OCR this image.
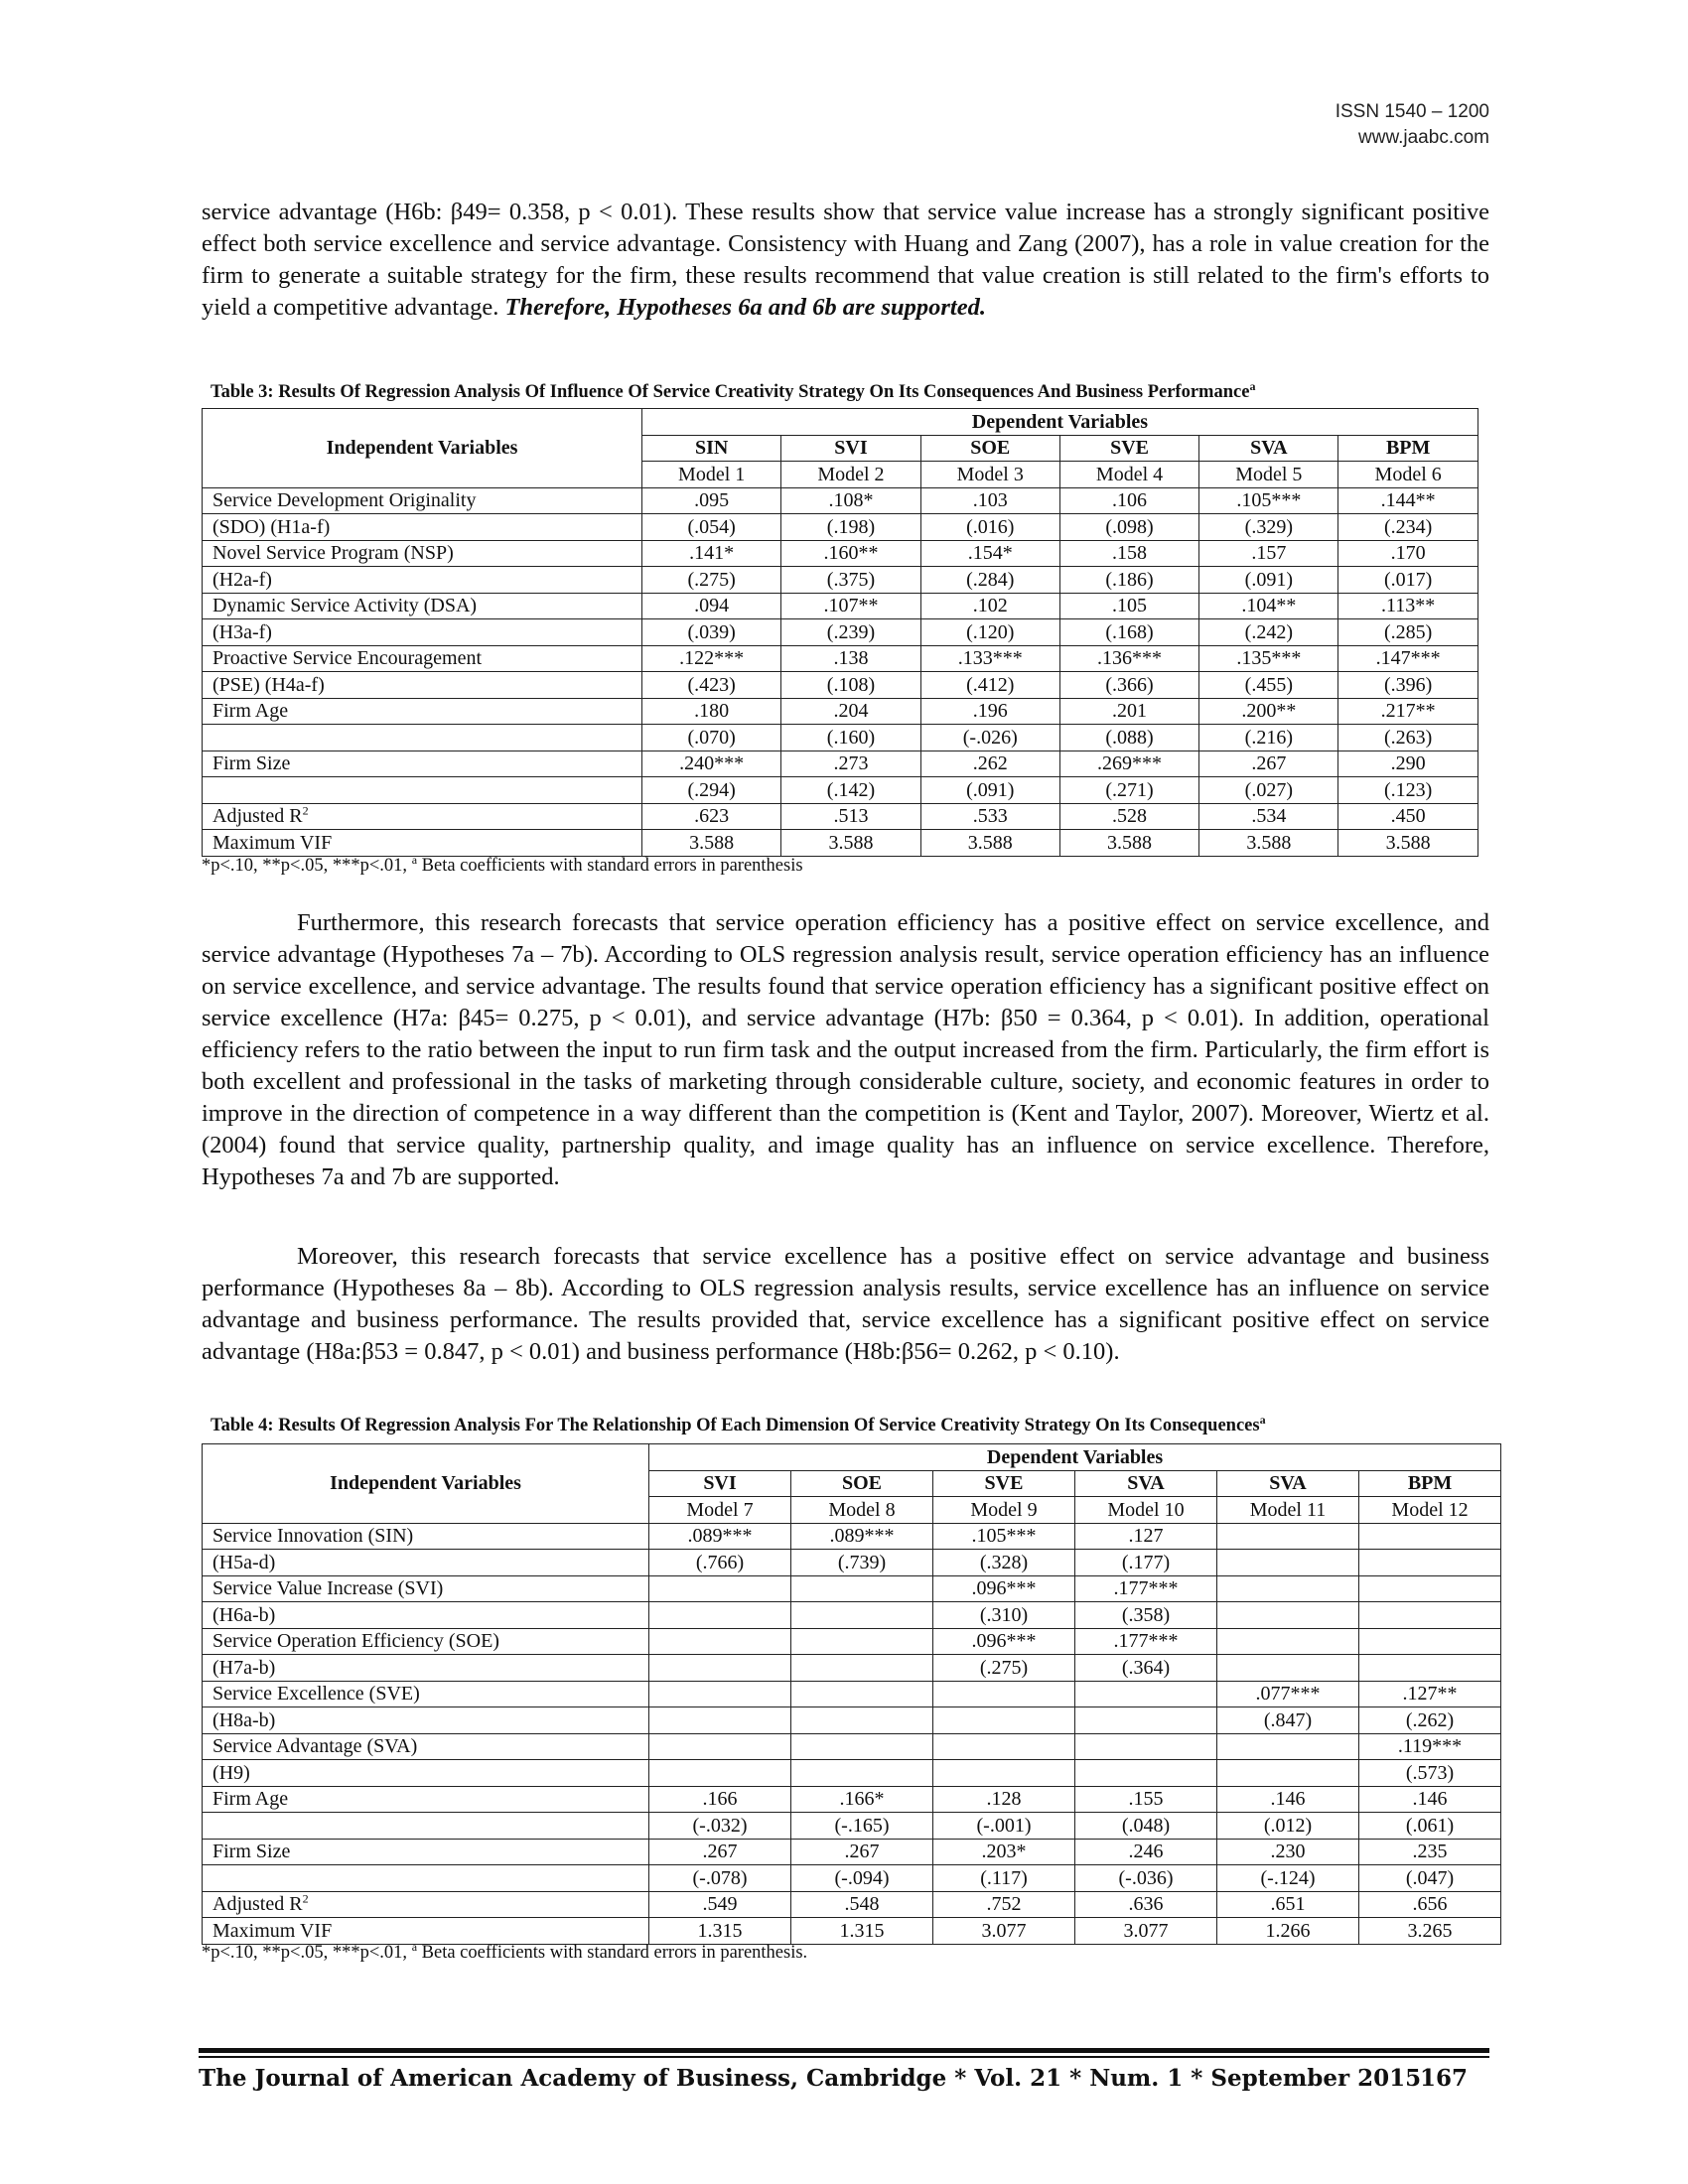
ISSN 1540 – 1200
www.jaabc.com

service advantage (H6b: β49= 0.358, p < 0.01). These results show that service value increase has a strongly significant positive effect both service excellence and service advantage. Consistency with Huang and Zang (2007), has a role in value creation for the firm to generate a suitable strategy for the firm, these results recommend that value creation is still related to the firm's efforts to yield a competitive advantage. Therefore, Hypotheses 6a and 6b are supported.

Table 3: Results Of Regression Analysis Of Influence Of Service Creativity Strategy On Its Consequences And Business Performance$^a$

Independent Variables	Dependent Variables					
	SIN	SVI	SOE	SVE	SVA	BPM
	Model 1	Model 2	Model 3	Model 4	Model 5	Model 6
Service Development Originality	.095	.108*	.103	.106	.105***	.144**
(SDO) (H1a-f)	(.054)	(.198)	(.016)	(.098)	(.329)	(.234)
Novel Service Program (NSP)	.141*	.160**	.154*	.158	.157	.170
(H2a-f)	(.275)	(.375)	(.284)	(.186)	(.091)	(.017)
Dynamic Service Activity (DSA)	.094	.107**	.102	.105	.104**	.113**
(H3a-f)	(.039)	(.239)	(.120)	(.168)	(.242)	(.285)
Proactive Service Encouragement	.122***	.138	.133***	.136***	.135***	.147***
(PSE) (H4a-f)	(.423)	(.108)	(.412)	(.366)	(.455)	(.396)
Firm Age	.180	.204	.196	.201	.200**	.217**
	(.070)	(.160)	(-.026)	(.088)	(.216)	(.263)
Firm Size	.240***	.273	.262	.269***	.267	.290
	(.294)	(.142)	(.091)	(.271)	(.027)	(.123)
Adjusted $R^2$	.623	.513	.533	.528	.534	.450
Maximum VIF	3.588	3.588	3.588	3.588	3.588	3.588

*p<.10, **p<.05, ***p<.01, $^a$ Beta coefficients with standard errors in parenthesis

Furthermore, this research forecasts that service operation efficiency has a positive effect on service excellence, and service advantage (Hypotheses 7a – 7b). According to OLS regression analysis result, service operation efficiency has an influence on service excellence, and service advantage. The results found that service operation efficiency has a significant positive effect on service excellence (H7a: β45= 0.275, p < 0.01), and service advantage (H7b: β50 = 0.364, p < 0.01). In addition, operational efficiency refers to the ratio between the input to run firm task and the output increased from the firm. Particularly, the firm effort is both excellent and professional in the tasks of marketing through considerable culture, society, and economic features in order to improve in the direction of competence in a way different than the competition is (Kent and Taylor, 2007). Moreover, Wiertz et al. (2004) found that service quality, partnership quality, and image quality has an influence on service excellence. Therefore, Hypotheses 7a and 7b are supported.

Moreover, this research forecasts that service excellence has a positive effect on service advantage and business performance (Hypotheses 8a – 8b). According to OLS regression analysis results, service excellence has an influence on service advantage and business performance. The results provided that, service excellence has a significant positive effect on service advantage (H8a:β53 = 0.847, p < 0.01) and business performance (H8b:β56= 0.262, p < 0.10).

Table 4: Results Of Regression Analysis For The Relationship Of Each Dimension Of Service Creativity Strategy On Its Consequences$^a$

Independent Variables	Dependent Variables					
	SVI	SOE	SVE	SVA	SVA	BPM
	Model 7	Model 8	Model 9	Model 10	Model 11	Model 12
Service Innovation (SIN)	.089***	.089***	.105***	.127		
(H5a-d)	(.766)	(.739)	(.328)	(.177)		
Service Value Increase (SVI)			.096***	.177***		
(H6a-b)			(.310)	(.358)		
Service Operation Efficiency (SOE)			.096***	.177***		
(H7a-b)			(.275)	(.364)		
Service Excellence (SVE)					.077***	.127**
(H8a-b)					(.847)	(.262)
Service Advantage (SVA)						.119***
(H9)						(.573)
Firm Age	.166	.166*	.128	.155	.146	.146
	(-.032)	(-.165)	(-.001)	(.048)	(.012)	(.061)
Firm Size	.267	.267	.203*	.246	.230	.235
	(-.078)	(-.094)	(.117)	(-.036)	(-.124)	(.047)
Adjusted $R^2$	.549	.548	.752	.636	.651	.656
Maximum VIF	1.315	1.315	3.077	3.077	1.266	3.265

*p<.10, **p<.05, ***p<.01, $^a$ Beta coefficients with standard errors in parenthesis.

The Journal of American Academy of Business, Cambridge * Vol. 21 * Num. 1 * September 2015
167
